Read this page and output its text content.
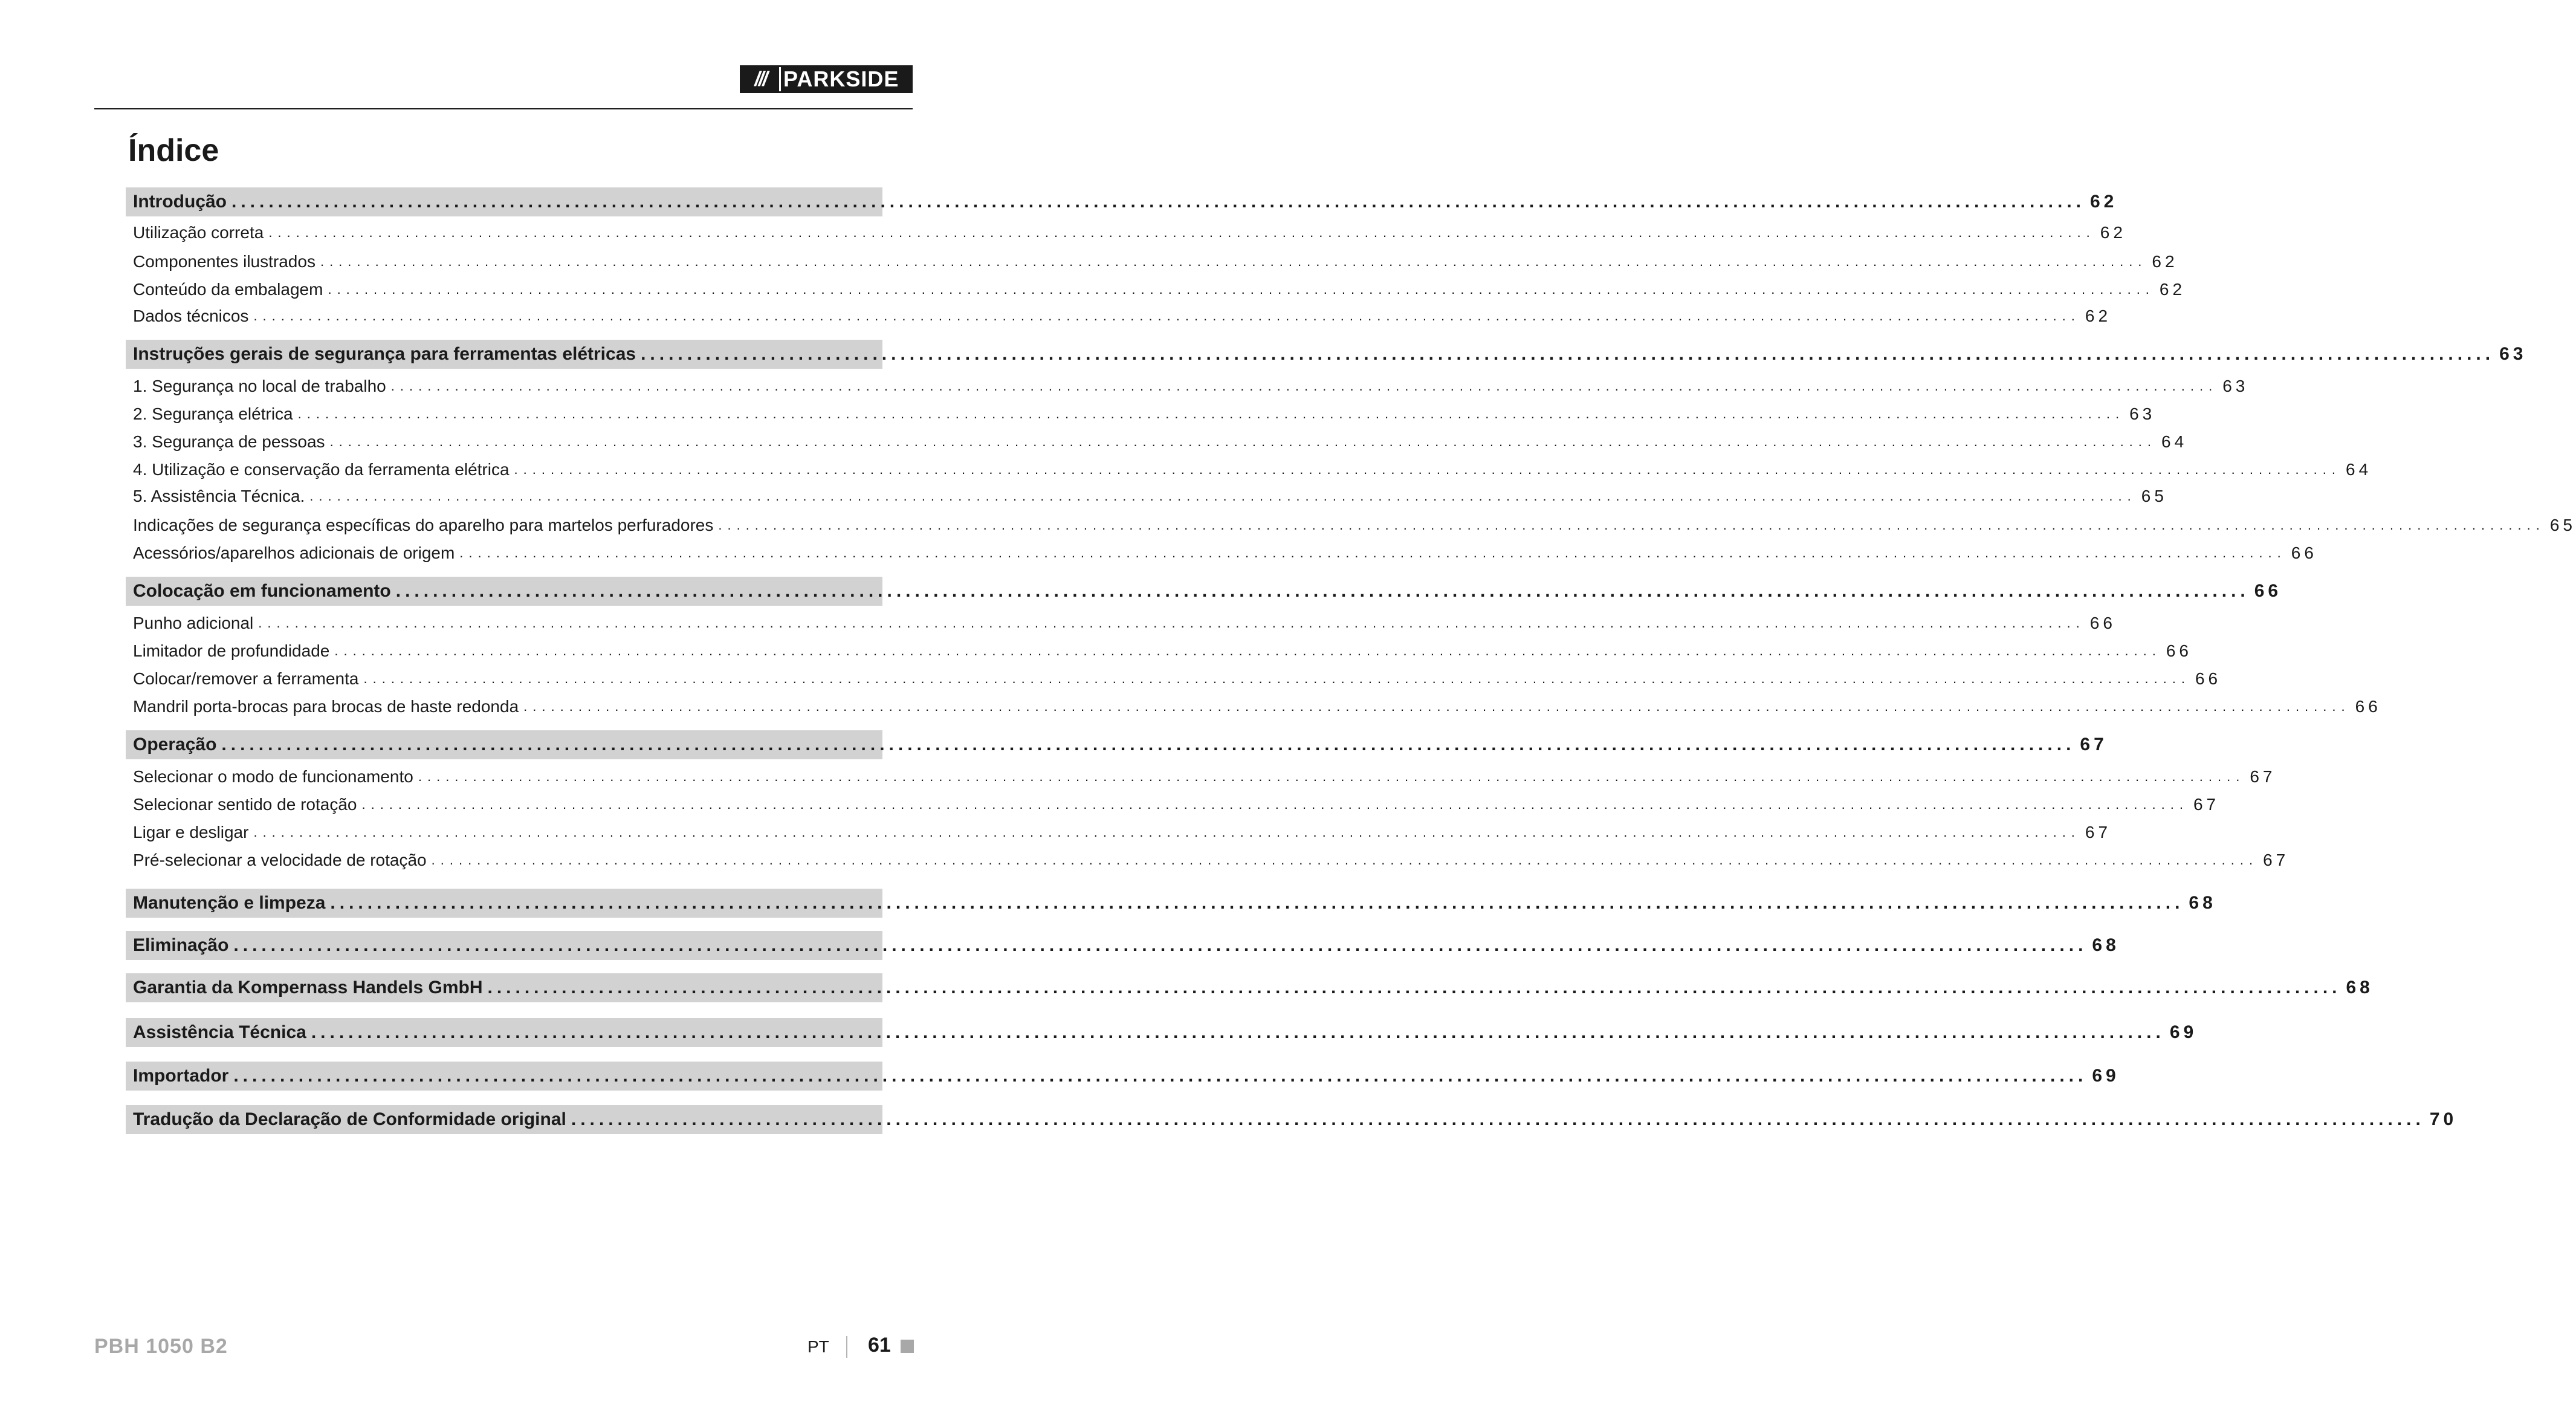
/// PARKSIDE
Índice
Introdução ........................................................................................................................................................................................................ 62
Utilização correta ........................................................................................................................................................................................................ 62
Componentes ilustrados ........................................................................................................................................................................................................ 62
Conteúdo da embalagem ........................................................................................................................................................................................................ 62
Dados técnicos ........................................................................................................................................................................................................ 62
Instruções gerais de segurança para ferramentas elétricas ........................................................................................................................................................................................................ 63
1. Segurança no local de trabalho ........................................................................................................................................................................................................ 63
2. Segurança elétrica ........................................................................................................................................................................................................ 63
3. Segurança de pessoas ........................................................................................................................................................................................................ 64
4. Utilização e conservação da ferramenta elétrica ........................................................................................................................................................................................................ 64
5. Assistência Técnica. ........................................................................................................................................................................................................ 65
Indicações de segurança específicas do aparelho para martelos perfuradores ........................................................................................................................................................................................................ 65
Acessórios/aparelhos adicionais de origem ........................................................................................................................................................................................................ 66
Colocação em funcionamento ........................................................................................................................................................................................................ 66
Punho adicional ........................................................................................................................................................................................................ 66
Limitador de profundidade ........................................................................................................................................................................................................ 66
Colocar/remover a ferramenta ........................................................................................................................................................................................................ 66
Mandril porta-brocas para brocas de haste redonda ........................................................................................................................................................................................................ 66
Operação ........................................................................................................................................................................................................ 67
Selecionar o modo de funcionamento ........................................................................................................................................................................................................ 67
Selecionar sentido de rotação ........................................................................................................................................................................................................ 67
Ligar e desligar ........................................................................................................................................................................................................ 67
Pré-selecionar a velocidade de rotação ........................................................................................................................................................................................................ 67
Manutenção e limpeza ........................................................................................................................................................................................................ 68
Eliminação ........................................................................................................................................................................................................ 68
Garantia da Kompernass Handels GmbH ........................................................................................................................................................................................................ 68
Assistência Técnica ........................................................................................................................................................................................................ 69
Importador ........................................................................................................................................................................................................ 69
Tradução da Declaração de Conformidade original ........................................................................................................................................................................................................ 70
PBH 1050 B2	PT 61
